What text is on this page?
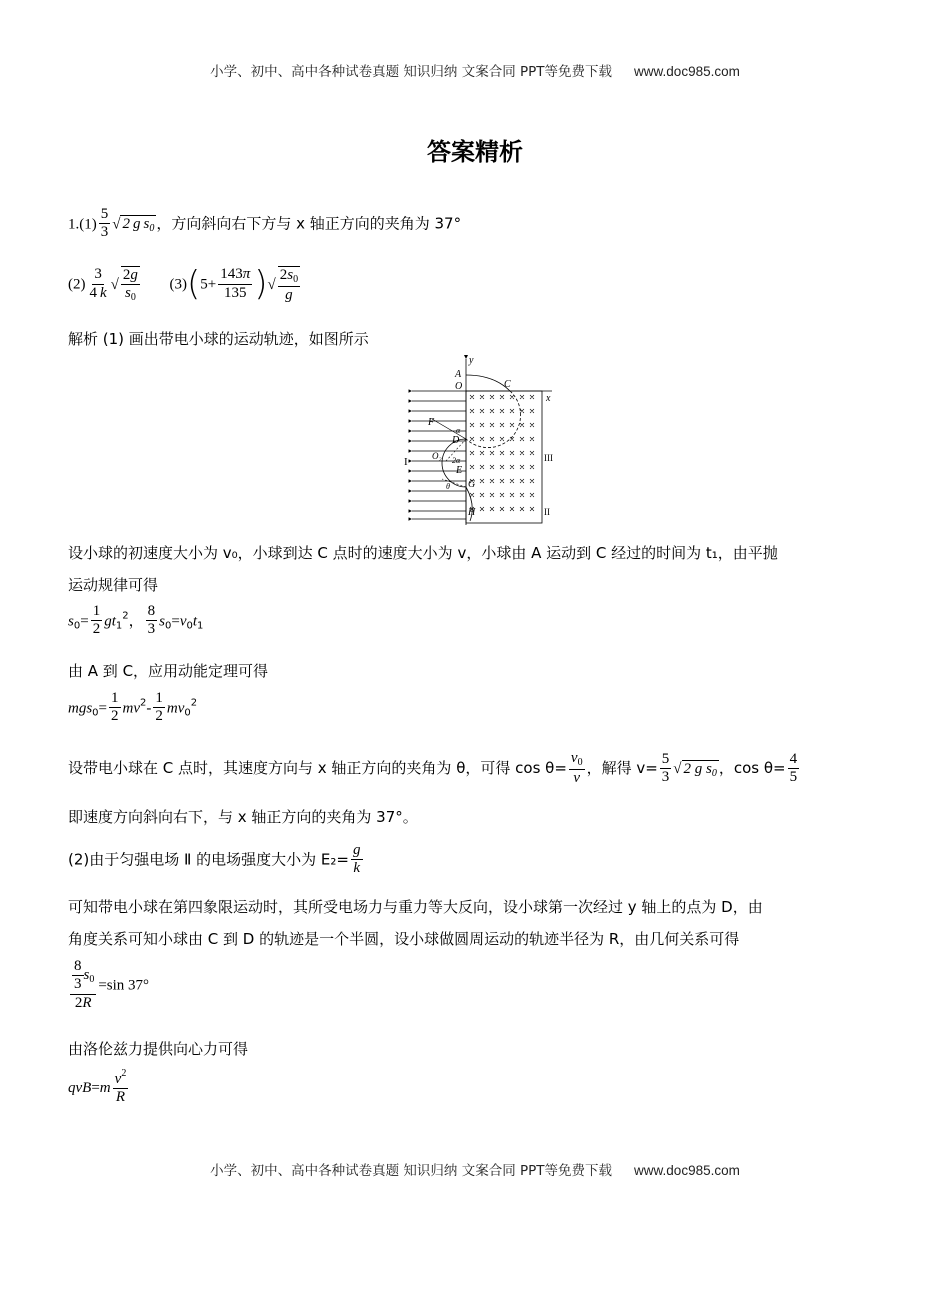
小学、初中、高中各种试卷真题 知识归纳 文案合同 PPT等免费下载 www.doc985.com
答案精析
$1.(1) \frac{5}{3}$ √ 2 g $s_0$ ，方向斜向右下方与 x 轴正方向的夹角为 37°
$(2) \frac{3}{4 k}$ √ $\frac{2g}{s_0} (3)(5+ \frac{143\pi}{135}$ )√ $\frac{2s_0}{g}$
解析 (1) 画出带电小球的运动轨迹，如图所示
y
A
O	C
x
F
α
D
O₂ 2α
E
G
θ
H
I	III
II
设小球的初速度大小为 v₀，小球到达 C 点时的速度大小为 v，小球由 A 运动到 C 经过的时间为 t₁，由平抛
运动规律可得
$s_0= \frac{1}{2} gt_1^2$， $\frac{8}{3} s_0=v_0t_1$
由 A 到 C，应用动能定理可得
$mgs_0= \frac{1}{2} mv^2- \frac{1}{2} mv_0^2$
设带电小球在 C 点时，其速度方向与 x 轴正方向的夹角为 θ，可得 $\cos \theta= \frac{v_0}{v}$ ，解得 $v= \frac{5}{3}$ √ 2 g $s_0$ ，$\cos \theta= \frac{4}{5}$
即速度方向斜向右下，与 x 轴正方向的夹角为 37°。
(2)由于匀强电场 Ⅱ 的电场强度大小为 $E_2= \frac{g}{k}$
可知带电小球在第四象限运动时，其所受电场力与重力等大反向，设小球第一次经过 y 轴上的点为 D，由
角度关系可知小球由 C 到 D 的轨迹是一个半圆，设小球做圆周运动的轨迹半径为 R，由几何关系可得
$\frac{\frac{8}{3} s_0}{2R} =\sin$ 37°
由洛伦兹力提供向心力可得
$qvB=m \frac{v^2}{R}$
小学、初中、高中各种试卷真题 知识归纳 文案合同 PPT等免费下载 www.doc985.com
